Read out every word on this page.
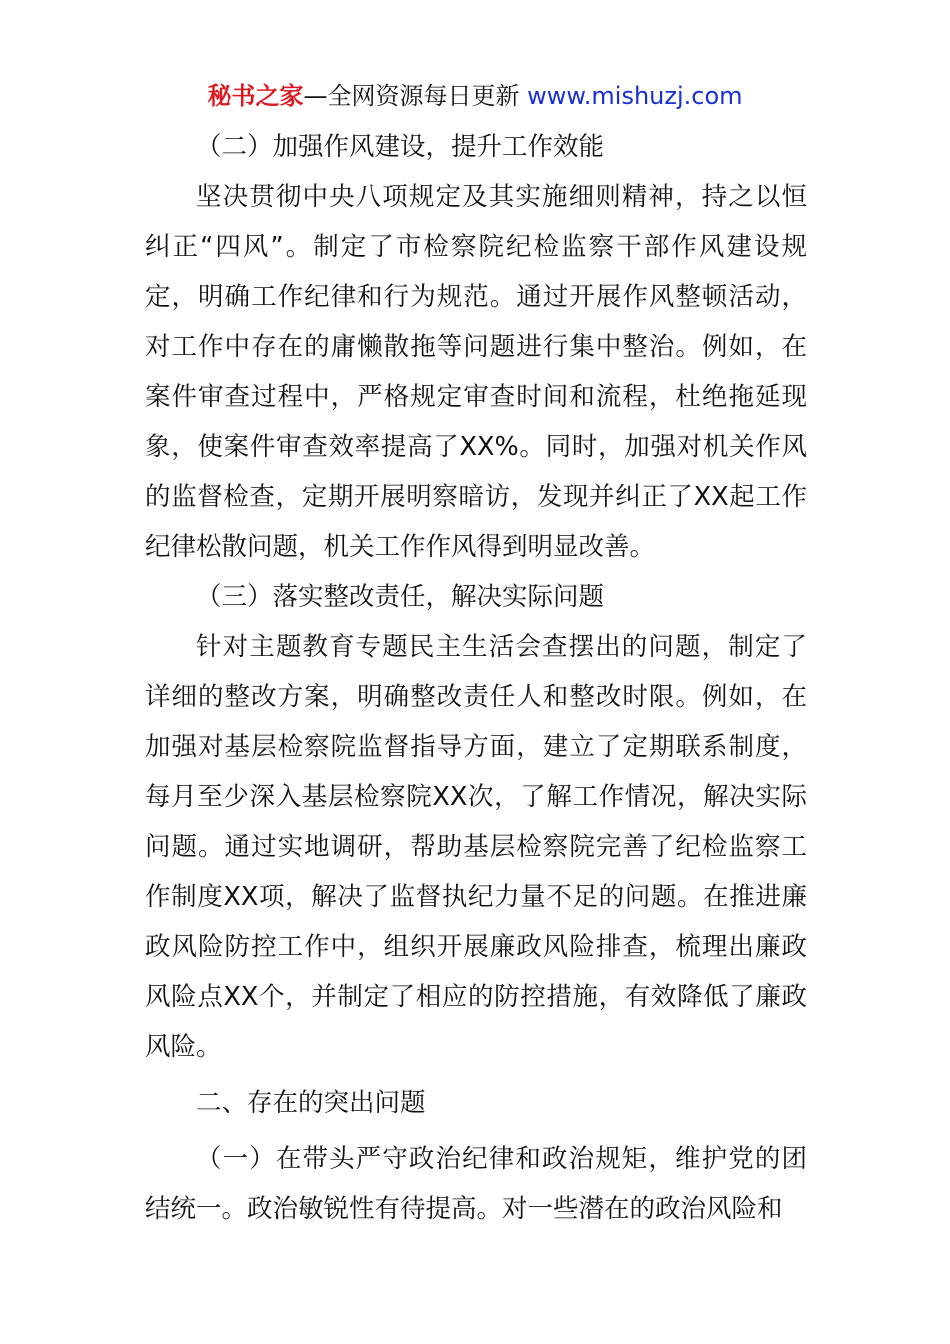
秘书之家—全网资源每日更新 www.mishuzj.com

（二）加强作风建设，提升工作效能

坚决贯彻中央八项规定及其实施细则精神，持之以恒纠正“四风”。制定了市检察院纪检监察干部作风建设规定，明确工作纪律和行为规范。通过开展作风整顿活动，对工作中存在的庸懒散拖等问题进行集中整治。例如，在案件审查过程中，严格规定审查时间和流程，杜绝拖延现象，使案件审查效率提高了XX%。同时，加强对机关作风的监督检查，定期开展明察暗访，发现并纠正了XX起工作纪律松散问题，机关工作作风得到明显改善。

（三）落实整改责任，解决实际问题

针对主题教育专题民主生活会查摆出的问题，制定了详细的整改方案，明确整改责任人和整改时限。例如，在加强对基层检察院监督指导方面，建立了定期联系制度，每月至少深入基层检察院XX次，了解工作情况，解决实际问题。通过实地调研，帮助基层检察院完善了纪检监察工作制度XX项，解决了监督执纪力量不足的问题。在推进廉政风险防控工作中，组织开展廉政风险排查，梳理出廉政风险点XX个，并制定了相应的防控措施，有效降低了廉政风险。

二、存在的突出问题

（一）在带头严守政治纪律和政治规矩，维护党的团结统一。政治敏锐性有待提高。对一些潜在的政治风险和
